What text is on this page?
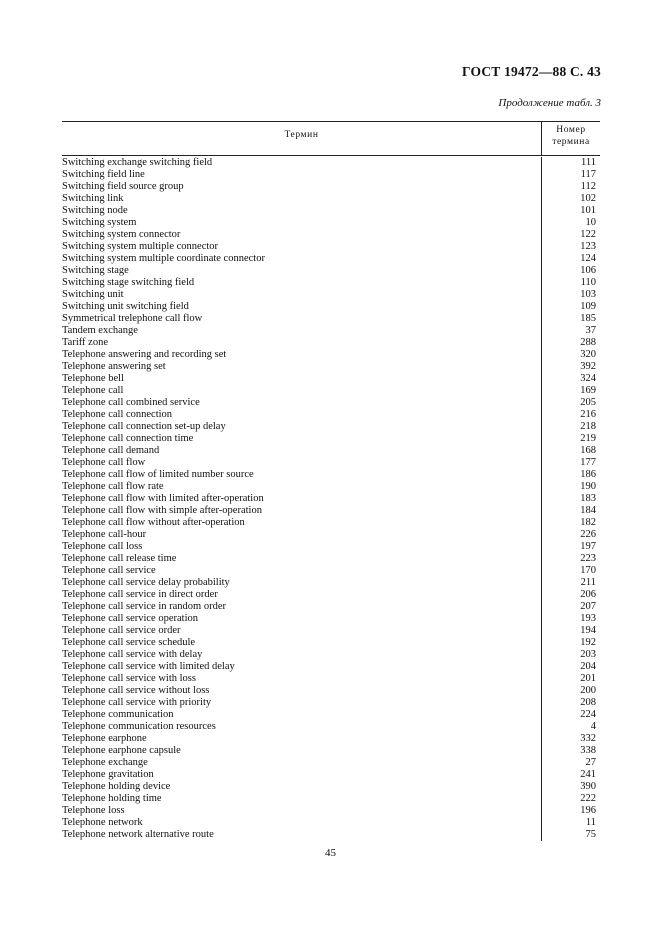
ГОСТ 19472—88 С. 43
Продолжение табл. 3
Термин	Номер
термина
Switching exchange switching field
Switching field line
Switching field source group
Switching link
Switching node
Switching system
Switching system connector
Switching system multiple connector
Switching system multiple coordinate connector
Switching stage
Switching stage switching field
Switching unit
Switching unit switching field
Symmetrical trelephone call flow
Tandem exchange
Tariff zone
Telephone answering and recording set
Telephone answering set
Telephone bell
Telephone call
Telephone call combined service
Telephone call connection
Telephone call connection set-up delay
Telephone call connection time
Telephone call demand
Telephone call flow
Telephone call flow of limited number source
Telephone call flow rate
Telephone call flow with limited after-operation
Telephone call flow with simple after-operation
Telephone call flow without after-operation
Telephone call-hour
Telephone call loss
Telephone call release time
Telephone call service
Telephone call service delay probability
Telephone call service in direct order
Telephone call service in random order
Telephone call service operation
Telephone call service order
Telephone call service schedule
Telephone call service with delay
Telephone call service with limited delay
Telephone call service with loss
Telephone call service without loss
Telephone call service with priority
Telephone communication
Telephone communication resources
Telephone earphone
Telephone earphone capsule
Telephone exchange
Telephone gravitation
Telephone holding device
Telephone holding time
Telephone loss
Telephone network
Telephone network alternative route
111
117
112
102
101
10
122
123
124
106
110
103
109
185
37
288
320
392
324
169
205
216
218
219
168
177
186
190
183
184
182
226
197
223
170
211
206
207
193
194
192
203
204
201
200
208
224
4
332
338
27
241
390
222
196
11
75
45
